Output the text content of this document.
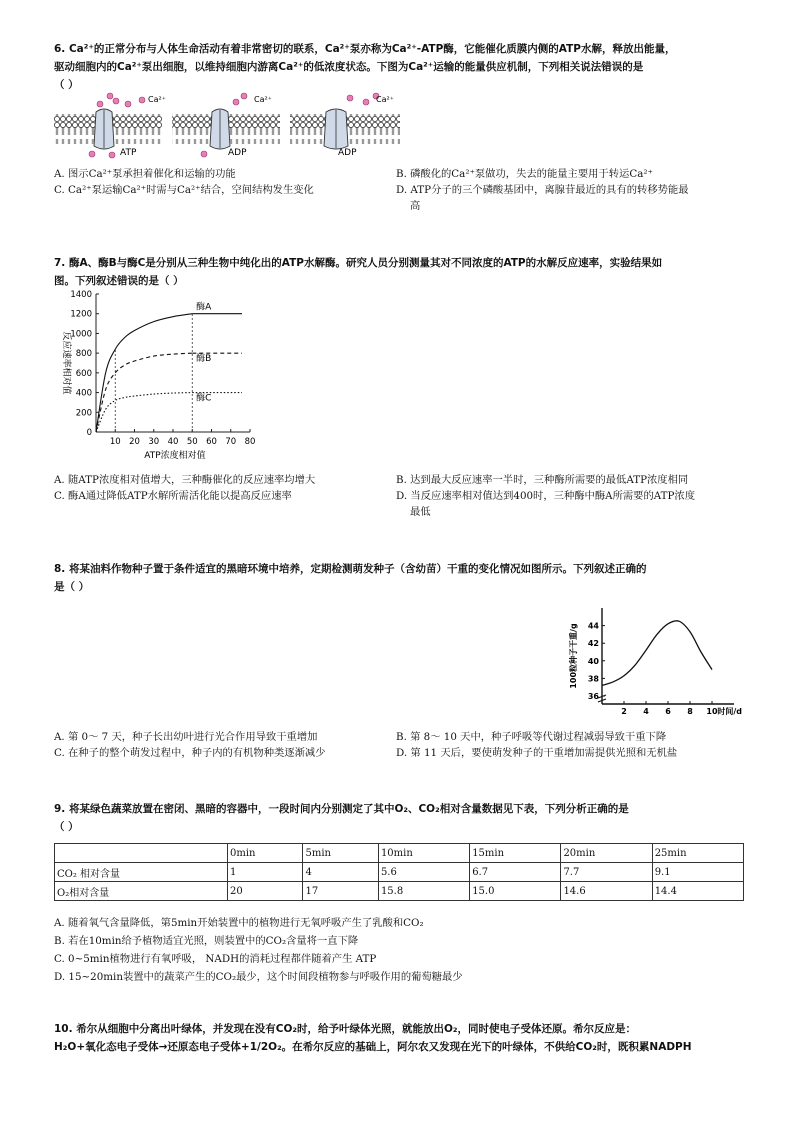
6. Ca²⁺的正常分布与人体生命活动有着非常密切的联系，Ca²⁺泵亦称为Ca²⁺-ATP酶，它能催化质膜内侧的ATP水解，释放出能量，
驱动细胞内的Ca²⁺泵出细胞，以维持细胞内游离Ca²⁺的低浓度状态。下图为Ca²⁺运输的能量供应机制，下列相关说法错误的是
（ ）
Ca²⁺	Ca²⁺	Ca²⁺
ATP	ADP	ADP
A. 图示Ca²⁺泵承担着催化和运输的功能	B. 磷酸化的Ca²⁺泵做功，失去的能量主要用于转运Ca²⁺
C. Ca²⁺泵运输Ca²⁺时需与Ca²⁺结合，空间结构发生变化	D. ATP分子的三个磷酸基团中，离腺苷最近的具有的转移势能最
高
7. 酶A、酶B与酶C是分别从三种生物中纯化出的ATP水解酶。研究人员分别测量其对不同浓度的ATP的水解反应速率，实验结果如
图。下列叙述错误的是（ ）
200
400
600
800
1000
1200
1400
0
10 20 30 40 50 60 70 80
ATP浓度相对值
反应速率相对值
酶A
酶B
酶C
A. 随ATP浓度相对值增大，三种酶催化的反应速率均增大	B. 达到最大反应速率一半时，三种酶所需要的最低ATP浓度相同
C. 酶A通过降低ATP水解所需活化能以提高反应速率	D. 当反应速率相对值达到400时，三种酶中酶A所需要的ATP浓度
最低
8. 将某油料作物种子置于条件适宜的黑暗环境中培养，定期检测萌发种子（含幼苗）干重的变化情况如图所示。下列叙述正确的
是（ ）
36
38
40
42
44
2 4 6 8 10 时间/d
100粒种子干重/g
A. 第 0～ 7 天，种子长出幼叶进行光合作用导致干重增加	B. 第 8～ 10 天中，种子呼吸等代谢过程减弱导致干重下降
C. 在种子的整个萌发过程中，种子内的有机物种类逐渐减少	D. 第 11 天后，要使萌发种子的干重增加需提供光照和无机盐
9. 将某绿色蔬菜放置在密闭、黑暗的容器中，一段时间内分别测定了其中O₂、CO₂相对含量数据见下表，下列分析正确的是
（ ）
	0min	5min	10min	15min	20min	25min
CO₂ 相对含量	1	4	5.6	6.7	7.7	9.1
O₂相对含量	20	17	15.8	15.0	14.6	14.4
A. 随着氧气含量降低，第5min开始装置中的植物进行无氧呼吸产生了乳酸和CO₂
B. 若在10min给予植物适宜光照，则装置中的CO₂含量将一直下降
C. 0~5min植物进行有氧呼吸， NADH的消耗过程都伴随着产生 ATP
D. 15~20min装置中的蔬菜产生的CO₂最少，这个时间段植物参与呼吸作用的葡萄糖最少
10. 希尔从细胞中分离出叶绿体，并发现在没有CO₂时，给予叶绿体光照，就能放出O₂，同时使电子受体还原。希尔反应是：
H₂O+氧化态电子受体→还原态电子受体+1/2O₂。在希尔反应的基础上，阿尔农又发现在光下的叶绿体，不供给CO₂时，既积累NADPH
